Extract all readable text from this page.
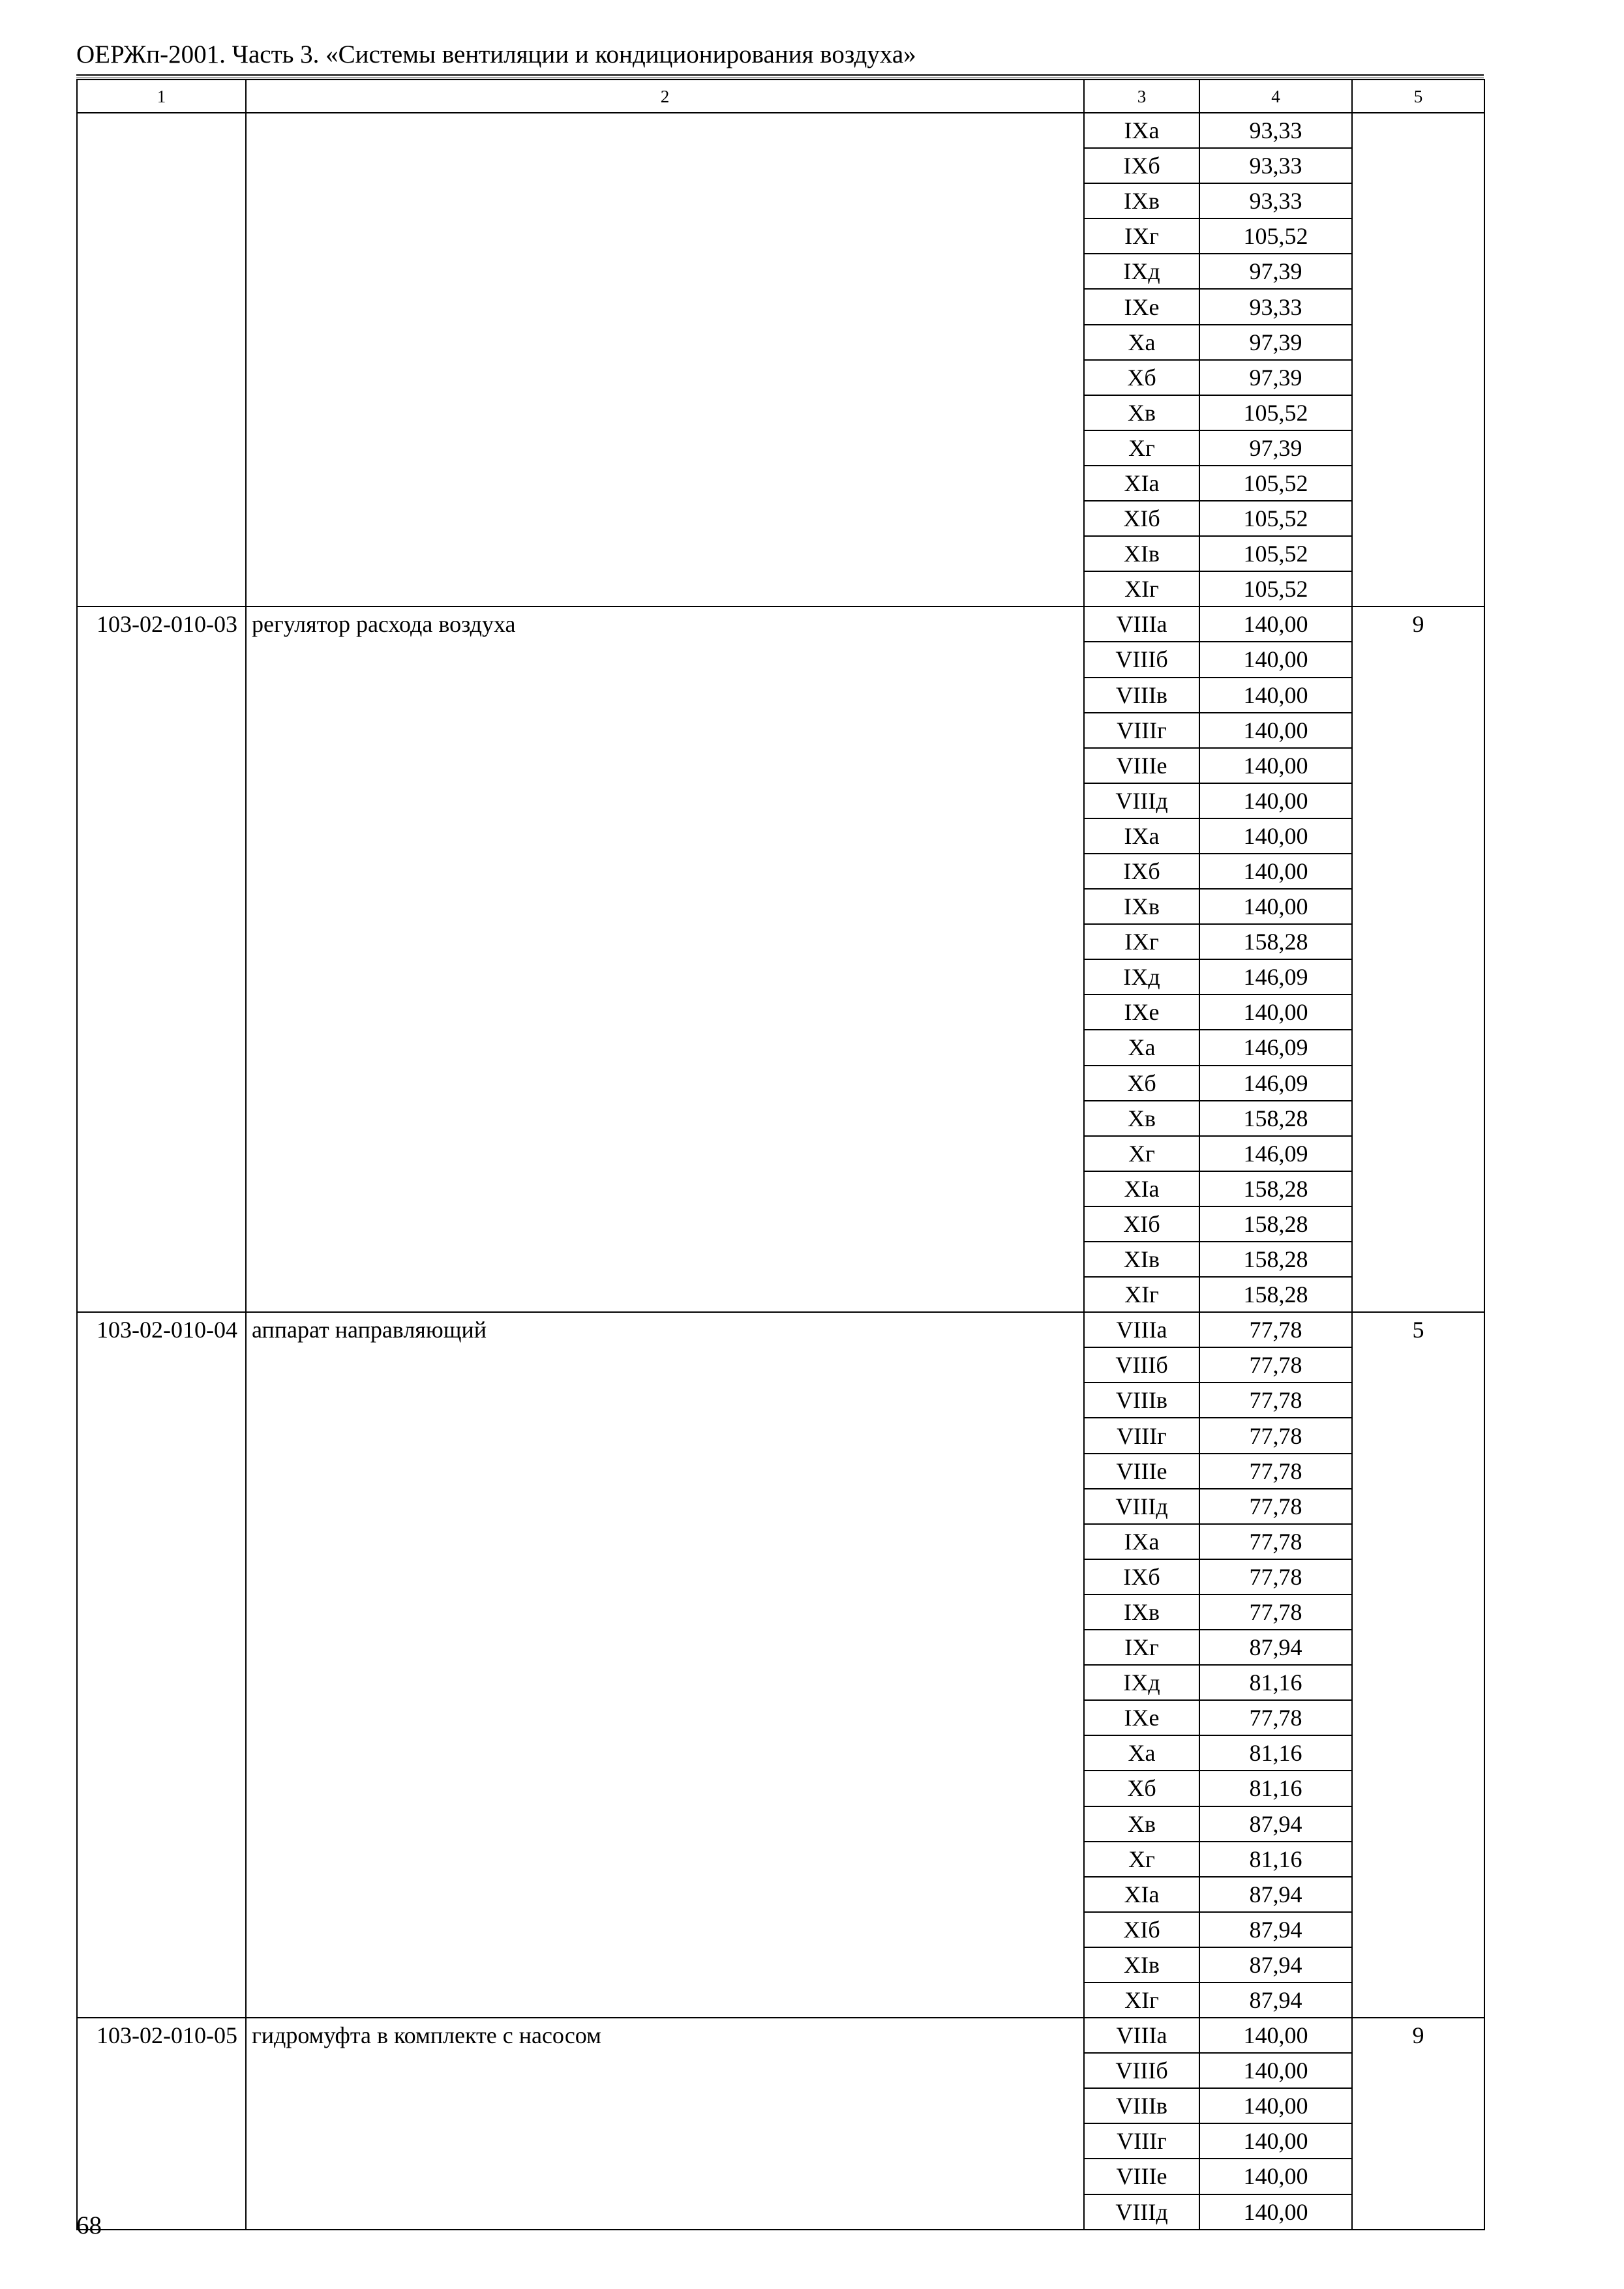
ОЕРЖп-2001. Часть 3. «Системы вентиляции и кондиционирования воздуха»
1	2	3	4	5
		IXа	93,33	
		IXб	93,33	
		IXв	93,33	
		IXг	105,52	
		IXд	97,39	
		IXе	93,33	
		Xа	97,39	
		Xб	97,39	
		Xв	105,52	
		Xг	97,39	
		XIа	105,52	
		XIб	105,52	
		XIв	105,52	
		XIг	105,52	
103-02-010-03	регулятор расхода воздуха	VIIIа	140,00	9
		VIIIб	140,00	
		VIIIв	140,00	
		VIIIг	140,00	
		VIIIе	140,00	
		VIIIд	140,00	
		IXа	140,00	
		IXб	140,00	
		IXв	140,00	
		IXг	158,28	
		IXд	146,09	
		IXе	140,00	
		Xа	146,09	
		Xб	146,09	
		Xв	158,28	
		Xг	146,09	
		XIа	158,28	
		XIб	158,28	
		XIв	158,28	
		XIг	158,28	
103-02-010-04	аппарат направляющий	VIIIа	77,78	5
		VIIIб	77,78	
		VIIIв	77,78	
		VIIIг	77,78	
		VIIIе	77,78	
		VIIIд	77,78	
		IXа	77,78	
		IXб	77,78	
		IXв	77,78	
		IXг	87,94	
		IXд	81,16	
		IXе	77,78	
		Xа	81,16	
		Xб	81,16	
		Xв	87,94	
		Xг	81,16	
		XIа	87,94	
		XIб	87,94	
		XIв	87,94	
		XIг	87,94	
103-02-010-05	гидромуфта в комплекте с насосом	VIIIа	140,00	9
		VIIIб	140,00	
		VIIIв	140,00	
		VIIIг	140,00	
		VIIIе	140,00	
		VIIIд	140,00	
68
